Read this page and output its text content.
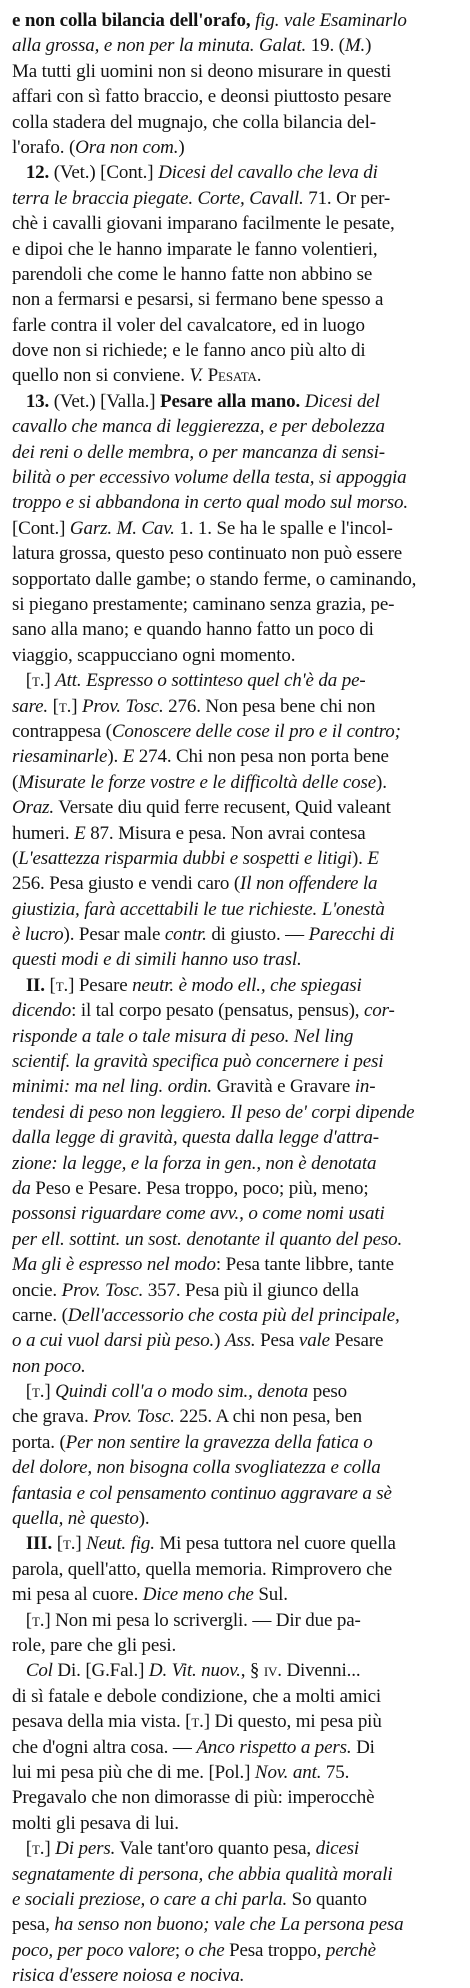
e non colla bilancia dell'orafo, fig. vale Esaminarlo
alla grossa, e non per la minuta. Galat. 19. (M.)
Ma tutti gli uomini non si deono misurare in questi
affari con sì fatto braccio, e deonsi piuttosto pesare
colla stadera del mugnajo, che colla bilancia del-
l'orafo. (Ora non com.)
12. (Vet.) [Cont.] Dicesi del cavallo che leva di
terra le braccia piegate. Corte, Cavall. 71. Or per-
chè i cavalli giovani imparano facilmente le pesate,
e dipoi che le hanno imparate le fanno volentieri,
parendoli che come le hanno fatte non abbino se
non a fermarsi e pesarsi, si fermano bene spesso a
farle contra il voler del cavalcatore, ed in luogo
dove non si richiede; e le fanno anco più alto di
quello non si conviene. V. Pesata.
13. (Vet.) [Valla.] Pesare alla mano. Dicesi del
cavallo che manca di leggierezza, e per debolezza
dei reni o delle membra, o per mancanza di sensi-
bilità o per eccessivo volume della testa, si appoggia
troppo e si abbandona in certo qual modo sul morso.
[Cont.] Garz. M. Cav. 1. 1. Se ha le spalle e l'incol-
latura grossa, questo peso continuato non può essere
sopportato dalle gambe; o stando ferme, o caminando,
si piegano prestamente; caminano senza grazia, pe-
sano alla mano; e quando hanno fatto un poco di
viaggio, scappucciano ogni momento.
[t.] Att. Espresso o sottinteso quel ch'è da pe-
sare. [t.] Prov. Tosc. 276. Non pesa bene chi non
contrappesa (Conoscere delle cose il pro e il contro;
riesaminarle). E 274. Chi non pesa non porta bene
(Misurate le forze vostre e le difficoltà delle cose).
Oraz. Versate diu quid ferre recusent, Quid valeant
humeri. E 87. Misura e pesa. Non avrai contesa
(L'esattezza risparmia dubbi e sospetti e litigi). E
256. Pesa giusto e vendi caro (Il non offendere la
giustizia, farà accettabili le tue richieste. L'onestà
è lucro). Pesar male contr. di giusto. — Parecchi di
questi modi e di simili hanno uso trasl.
II. [t.] Pesare neutr. è modo ell., che spiegasi
dicendo: il tal corpo pesato (pensatus, pensus), cor-
risponde a tale o tale misura di peso. Nel ling
scientif. la gravità specifica può concernere i pesi
minimi: ma nel ling. ordin. Gravità e Gravare in-
tendesi di peso non leggiero. Il peso de' corpi dipende
dalla legge di gravità, questa dalla legge d'attra-
zione: la legge, e la forza in gen., non è denotata
da Peso e Pesare. Pesa troppo, poco; più, meno;
possonsi riguardare come avv., o come nomi usati
per ell. sottint. un sost. denotante il quanto del peso.
Ma gli è espresso nel modo: Pesa tante libbre, tante
oncie. Prov. Tosc. 357. Pesa più il giunco della
carne. (Dell'accessorio che costa più del principale,
o a cui vuol darsi più peso.) Ass. Pesa vale Pesare
non poco.
[t.] Quindi coll'a o modo sim., denota peso
che grava. Prov. Tosc. 225. A chi non pesa, ben
porta. (Per non sentire la gravezza della fatica o
del dolore, non bisogna colla svogliatezza e colla
fantasia e col pensamento continuo aggravare a sè
quella, nè questo).
III. [t.] Neut. fig. Mi pesa tuttora nel cuore quella
parola, quell'atto, quella memoria. Rimprovero che
mi pesa al cuore. Dice meno che Sul.
[t.] Non mi pesa lo scrivergli. — Dir due pa-
role, pare che gli pesi.
Col Di. [G.Fal.] D. Vit. nuov., § iv. Divenni...
di sì fatale e debole condizione, che a molti amici
pesava della mia vista. [t.] Di questo, mi pesa più
che d'ogni altra cosa. — Anco rispetto a pers. Di
lui mi pesa più che di me. [Pol.] Nov. ant. 75.
Pregavalo che non dimorasse di più: imperocchè
molti gli pesava di lui.
[t.] Di pers. Vale tant'oro quanto pesa, dicesi
segnatamente di persona, che abbia qualità morali
e sociali preziose, o care a chi parla. So quanto
pesa, ha senso non buono; vale che La persona pesa
poco, per poco valore; o che Pesa troppo, perchè
risica d'essere noiosa e nociva.
